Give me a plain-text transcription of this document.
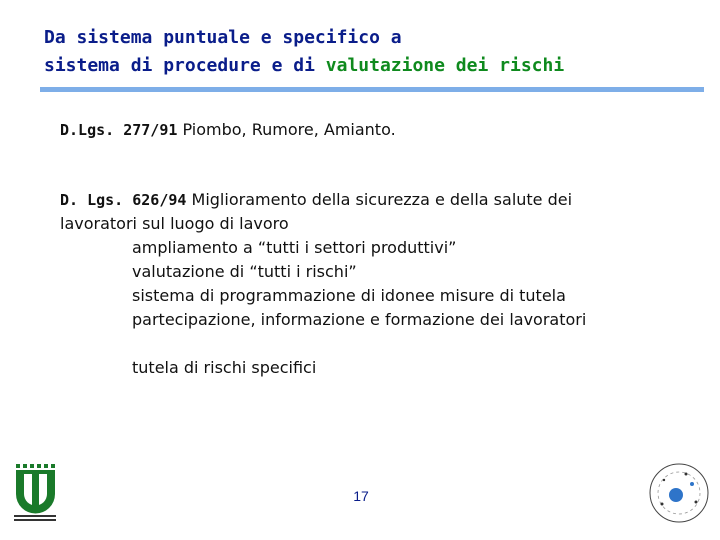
Da sistema puntuale e specifico a
sistema di procedure e di valutazione dei rischi
D.Lgs. 277/91 Piombo, Rumore, Amianto.
D. Lgs. 626/94 Miglioramento della sicurezza e della salute dei
lavoratori sul luogo di lavoro
ampliamento a “tutti i settori produttivi”
valutazione di “tutti i rischi”
sistema di programmazione di idonee misure di tutela
partecipazione, informazione e formazione dei lavoratori
tutela di rischi specifici
17
